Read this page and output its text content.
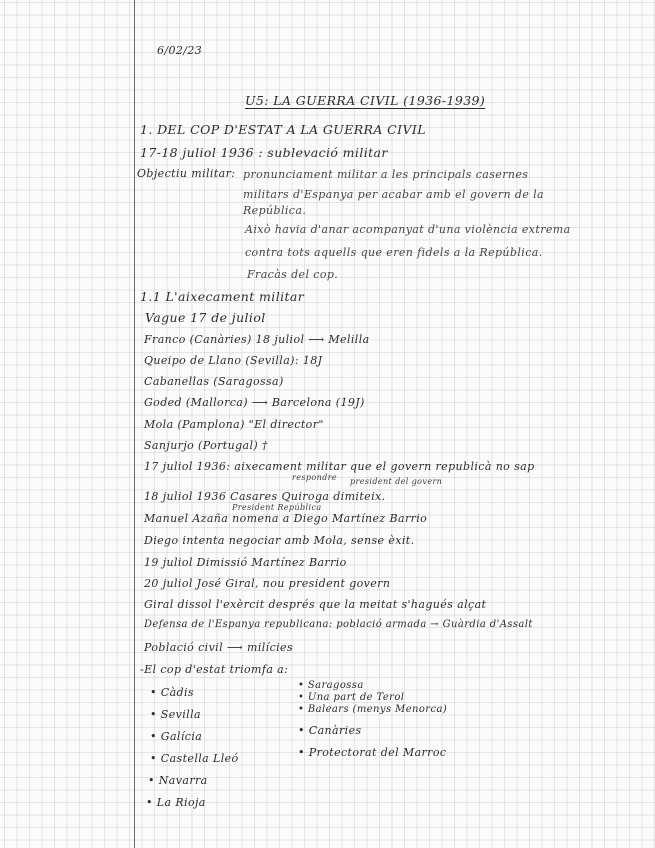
6/02/23
U5: LA GUERRA CIVIL (1936-1939)
1. DEL COP D'ESTAT A LA GUERRA CIVIL
17-18 juliol 1936 : sublevació militar
Objectiu militar: pronunciament militar a les principals casernes
militars d'Espanya per acabar amb el govern de la
República.
Això havia d'anar acompanyat d'una violència extrema
contra tots aquells que eren fidels a la República.
Fracàs del cop.
1.1 L'aixecament militar
Vague 17 de juliol
Franco (Canàries) 18 juliol ⟶ Melilla
Queipo de Llano (Sevilla): 18J
Cabanellas (Saragossa)
Goded (Mallorca) ⟶ Barcelona (19J)
Mola (Pamplona) "El director"
Sanjurjo (Portugal) †
17 juliol 1936: aixecament militar que el govern republicà no sap
respondre president del govern
18 juliol 1936 Casares Quiroga dimiteix.
President República
Manuel Azaña nomena a Diego Martínez Barrio
Diego intenta negociar amb Mola, sense èxit.
19 juliol Dimissió Martínez Barrio
20 juliol José Giral, nou president govern
Giral dissol l'exèrcit després que la meitat s'hagués alçat
Defensa de l'Espanya republicana: població armada → Guàrdia d'Assalt
Població civil ⟶ milícies
-El cop d'estat triomfa a:
• Càdis
• Sevilla
• Galícia
• Castella Lleó
• Navarra
• La Rioja
• Saragossa
• Una part de Terol
• Balears (menys Menorca)
• Canàries
• Protectorat del Marroc
